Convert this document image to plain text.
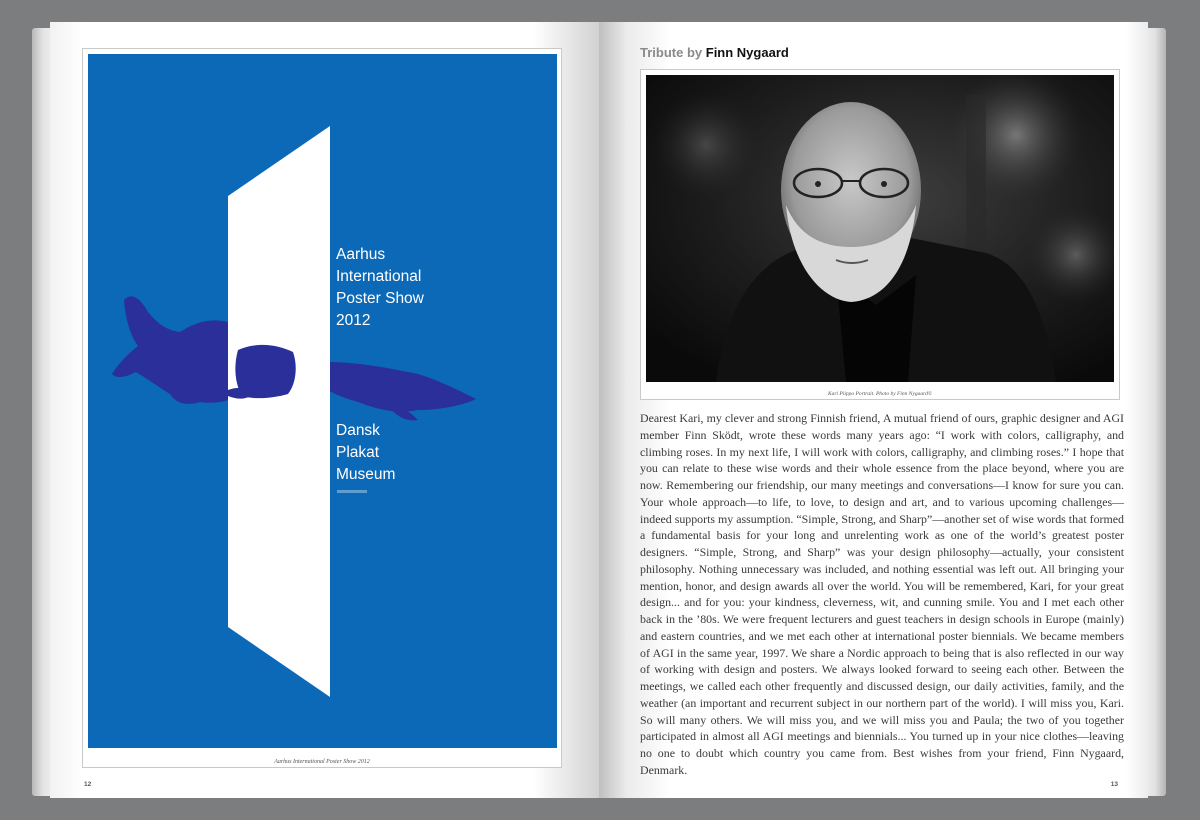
Aarhus
International
Poster Show
2012
Dansk
Plakat
Museum
Aarhus International Poster Show 2012
12
Tribute by Finn Nygaard
Kari Piippo Portrait. Photo by Finn Nygaard©
Dearest Kari, my clever and strong Finnish friend, A mutual friend of ours, graphic designer and AGI member Finn Sködt, wrote these words many years ago: “I work with colors, calligraphy, and climbing roses. In my next life, I will work with colors, calligraphy, and climbing roses.” I hope that you can relate to these wise words and their whole essence from the place beyond, where you are now. Remembering our friendship, our many meetings and conversations—I know for sure you can. Your whole approach—to life, to love, to design and art, and to various upcoming challenges—indeed supports my assumption. “Simple, Strong, and Sharp”—another set of wise words that formed a fundamental basis for your long and unrelenting work as one of the world’s greatest poster designers. “Simple, Strong, and Sharp” was your design philosophy—actually, your consistent philosophy. Nothing unnecessary was included, and nothing essential was left out. All bringing your mention, honor, and design awards all over the world. You will be remembered, Kari, for your great design... and for you: your kindness, cleverness, wit, and cunning smile. You and I met each other back in the ’80s. We were frequent lecturers and guest teachers in design schools in Europe (mainly) and eastern countries, and we met each other at international poster biennials. We became members of AGI in the same year, 1997. We share a Nordic approach to being that is also reflected in our way of working with design and posters. We always looked forward to seeing each other. Between the meetings, we called each other frequently and discussed design, our daily activities, family, and the weather (an important and recurrent subject in our northern part of the world). I will miss you, Kari. So will many others. We will miss you, and we will miss you and Paula; the two of you together participated in almost all AGI meetings and biennials... You turned up in your nice clothes—leaving no one to doubt which country you came from. Best wishes from your friend, Finn Nygaard, Denmark.
13
